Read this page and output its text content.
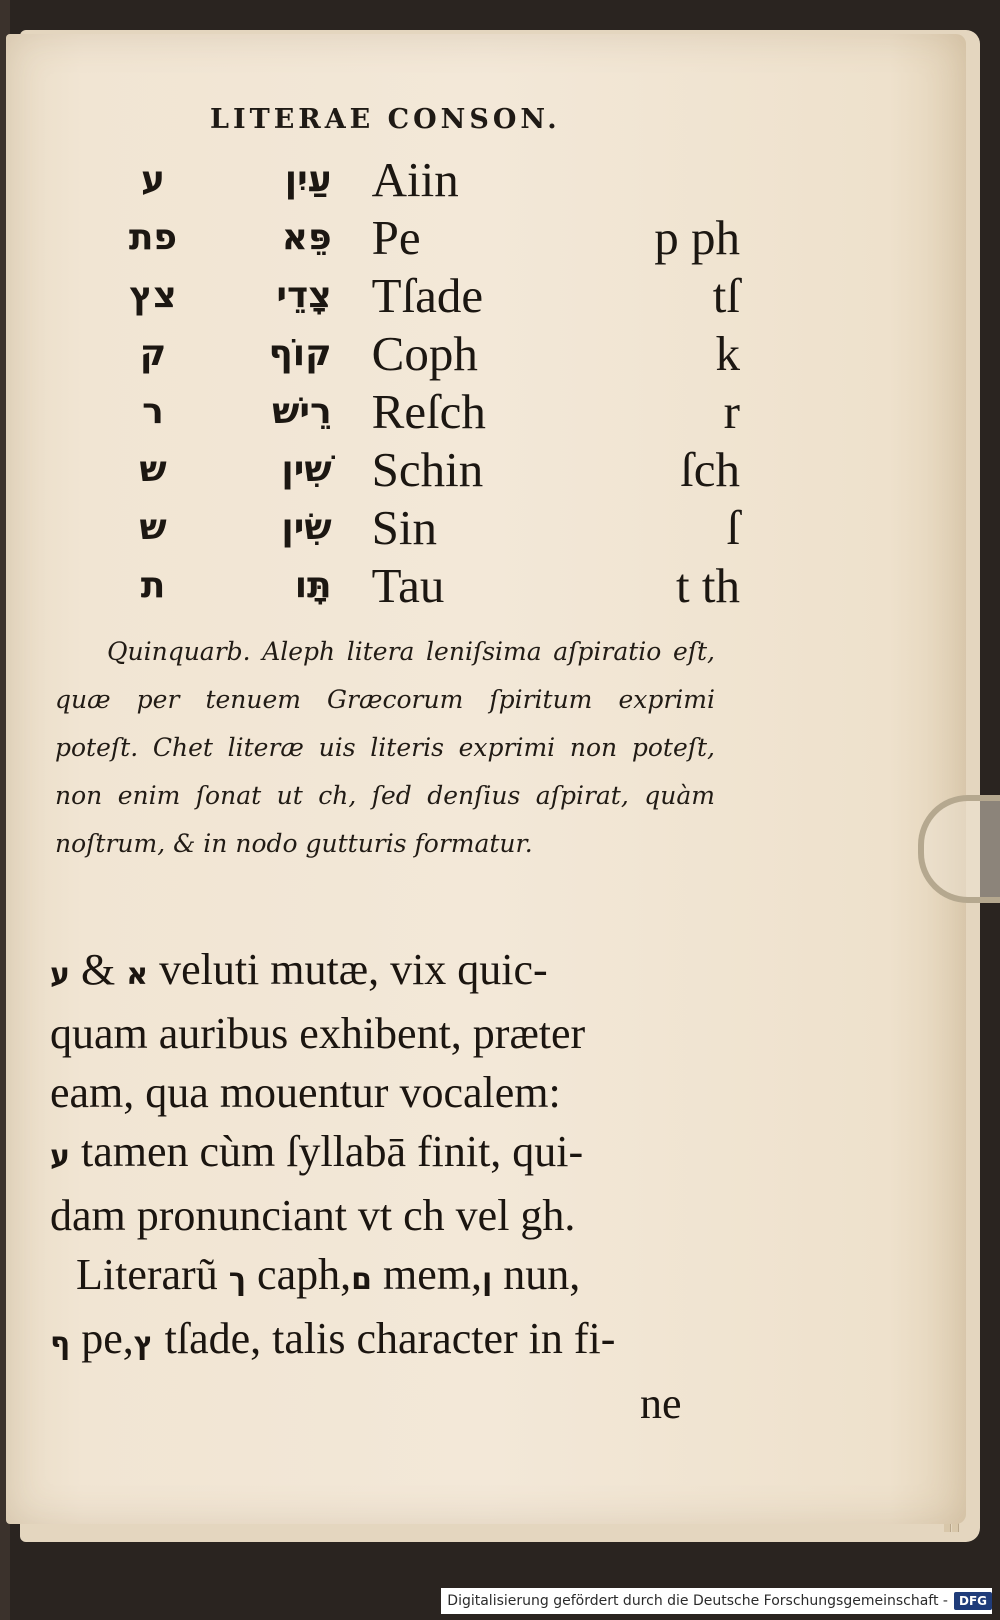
LITERAE CONSON.
ע	עַיִן	Aiin	
פת	פֵּא	Pe	p ph
צץ	צָדֵי	Tſade	tſ
ק	קוֹף	Coph	k
ר	רֵישׁ	Reſch	r
ש	שִׁין	Schin	ſch
ש	שִׂין	Sin	ſ
ת	תָּו	Tau	t th

Quinquarb. Aleph litera leniſsima aſpiratio eſt, quæ per tenuem Græcorum ſpiritum exprimi poteſt. Chet literæ uis literis exprimi non poteſt, non enim ſonat ut ch, ſed denſius aſpirat, quàm noſtrum, & in nodo gutturis formatur.

א & ע veluti mutæ, vix quic-
quam auribus exhibent, præter
eam, qua mouentur vocalem:
ע tamen cùm ſyllabā finit, qui-
dam pronunciant vt ch vel gh.
Literarũ ך caph,ם mem,ן nun,
ף pe,ץ tſade, talis character in fi-
ne
Digitalisierung gefördert durch die Deutsche Forschungsgemeinschaft - DFG
